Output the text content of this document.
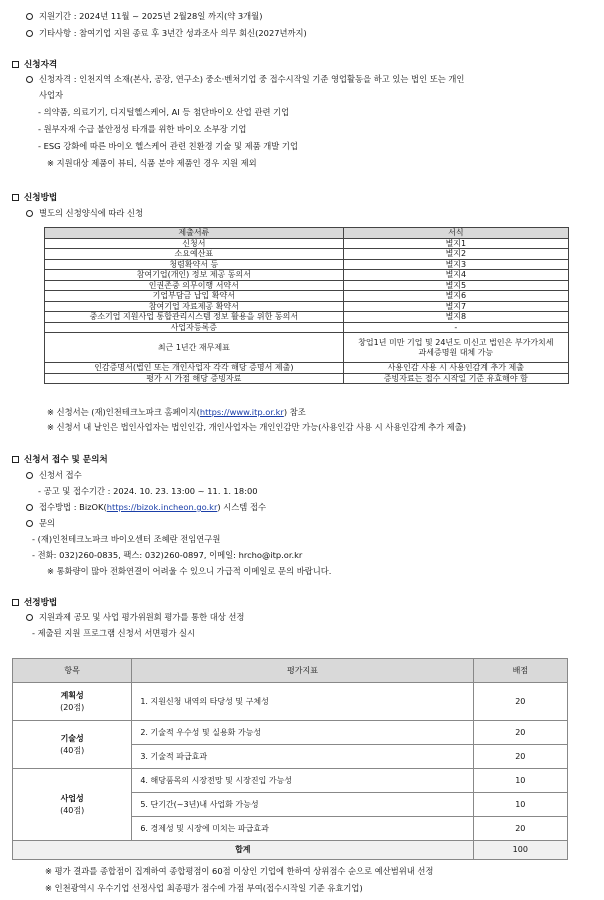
지원기간 : 2024년 11월 ~ 2025년 2월28일 까지(약 3개월)
기타사항 : 참여기업 지원 종료 후 3년간 성과조사 의무 회신(2027년까지)
신청자격
신청자격 : 인천지역 소재(본사, 공장, 연구소) 중소·벤처기업 중 접수시작일 기준 영업활동을 하고 있는 법인 또는 개인
사업자
- 의약품, 의료기기, 디지털헬스케어, AI 등 첨단바이오 산업 관련 기업
- 원부자재 수급 불안정성 타개를 위한 바이오 소부장 기업
- ESG 강화에 따른 바이오 헬스케어 관련 친환경 기술 및 제품 개발 기업
※ 지원대상 제품이 뷰티, 식품 분야 제품인 경우 지원 제외
신청방법
별도의 신청양식에 따라 신청
제출서류	서식
신청서	별지1
소요예산표	별지2
청렴확약서 등	별지3
참여기업(개인) 정보 제공 동의서	별지4
인권존중 의무이행 서약서	별지5
기업부담금 납입 확약서	별지6
참여기업 자료제공 확약서	별지7
중소기업 지원사업 통합관리시스템 정보 활용을 위한 동의서	별지8
사업자등록증	-
최근 1년간 재무제표	창업1년 미만 기업 및 24년도 미신고 법인은 부가가치세 과세증명원 대체 가능
인감증명서(법인 또는 개인사업자 각각 해당 증명서 제출)	사용인감 사용 시 사용인감계 추가 제출
평가 시 가점 해당 증빙자료	증빙자료는 접수 시작일 기준 유효해야 함
※ 신청서는 (재)인천테크노파크 홈페이지(https://www.itp.or.kr) 참조
※ 신청서 내 날인은 법인사업자는 법인인감, 개인사업자는 개인인감만 가능(사용인감 사용 시 사용인감계 추가 제출)
신청서 접수 및 문의처
신청서 접수
- 공고 및 접수기간 : 2024. 10. 23. 13:00 ~ 11. 1. 18:00
접수방법 : BizOK(https://bizok.incheon.go.kr) 시스템 접수
문의
- (재)인천테크노파크 바이오센터 조혜란 전임연구원
- 전화: 032)260-0835, 팩스: 032)260-0897, 이메일: hrcho@itp.or.kr
※ 통화량이 많아 전화연결이 어려울 수 있으니 가급적 이메일로 문의 바랍니다.
선정방법
지원과제 공모 및 사업 평가위원회 평가를 통한 대상 선정
- 제출된 지원 프로그램 신청서 서면평가 실시
항목	평가지표	배점
계획성
(20점)	1. 지원신청 내역의 타당성 및 구체성	20
기술성
(40점)	2. 기술적 우수성 및 실용화 가능성	20
	3. 기술적 파급효과	20
사업성
(40점)	4. 해당품목의 시장전망 및 시장진입 가능성	10
	5. 단기간(~3년)내 사업화 가능성	10
	6. 경제성 및 시장에 미치는 파급효과	20
합계		100
※ 평가 결과를 종합점이 집계하여 종합평점이 60점 이상인 기업에 한하여 상위점수 순으로 예산범위내 선정
※ 인천광역시 우수기업 선정사업 최종평가 점수에 가점 부여(접수시작일 기준 유효기업)
